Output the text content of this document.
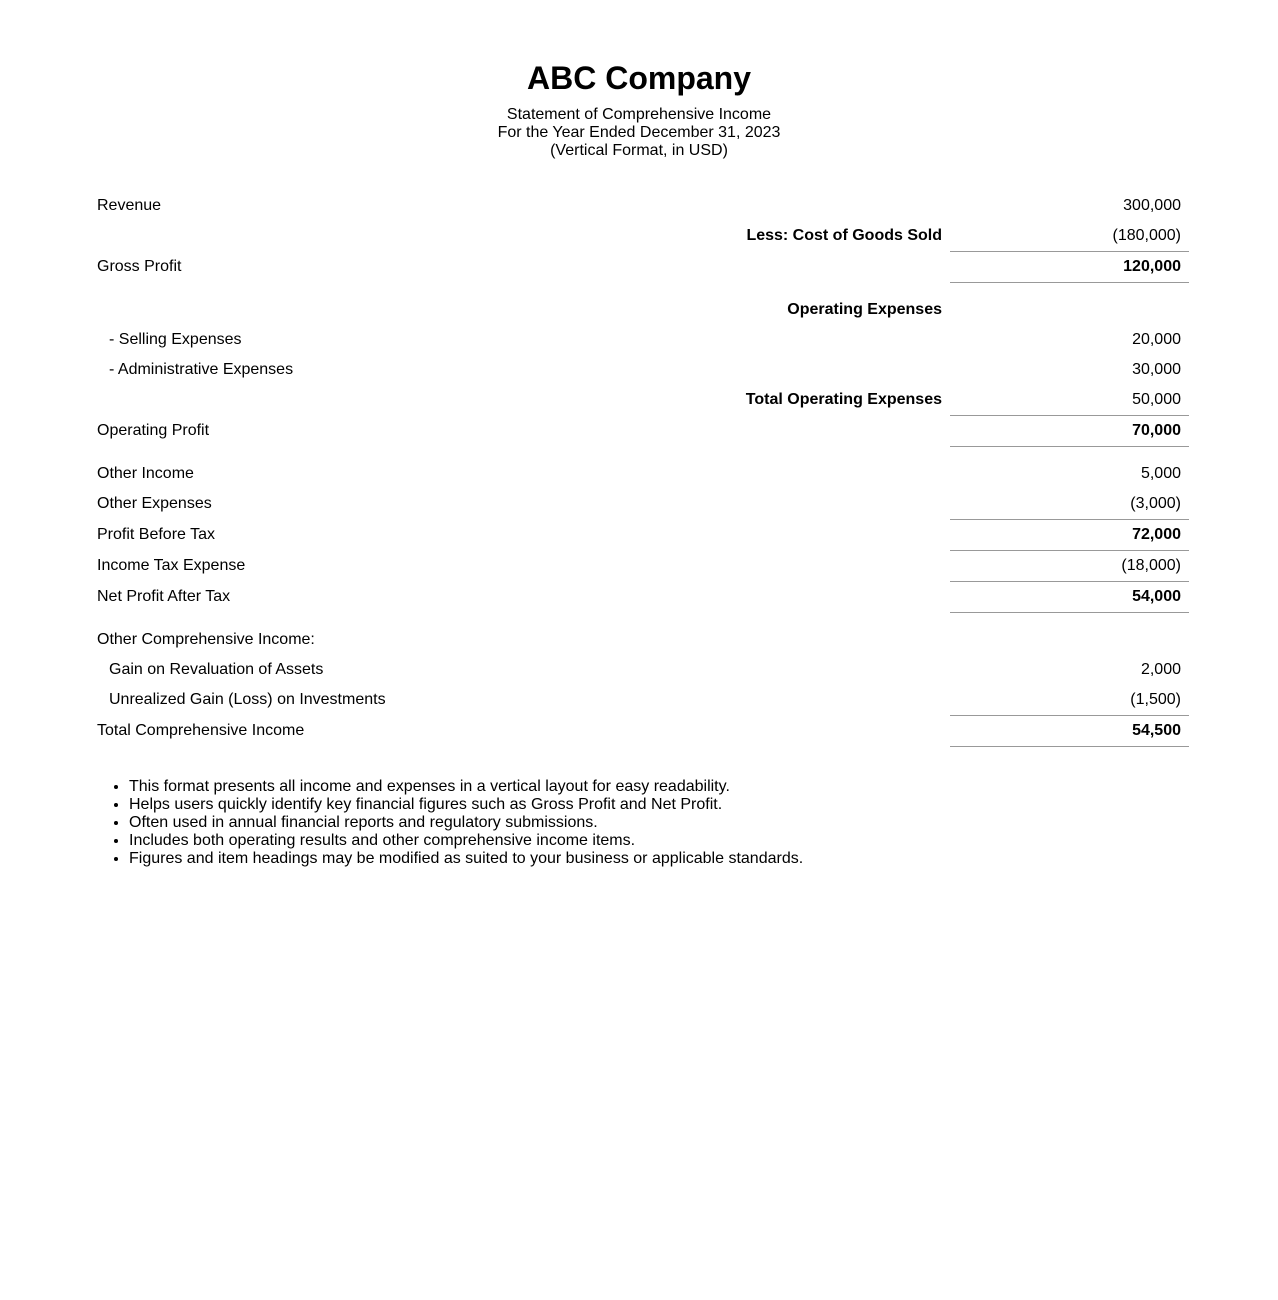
ABC Company

Statement of Comprehensive Income

For the Year Ended December 31, 2023

(Vertical Format, in USD)

Revenue		300,000
	Less: Cost of Goods Sold	(180,000)
Gross Profit		120,000

	Operating Expenses	
- Selling Expenses		20,000
- Administrative Expenses		30,000
	Total Operating Expenses	50,000
Operating Profit		70,000

Other Income		5,000
Other Expenses		(3,000)
Profit Before Tax		72,000
Income Tax Expense		(18,000)
Net Profit After Tax		54,000

Other Comprehensive Income:		
Gain on Revaluation of Assets		2,000
Unrealized Gain (Loss) on Investments		(1,500)
Total Comprehensive Income		54,500
• This format presents all income and expenses in a vertical layout for easy readability.
• Helps users quickly identify key financial figures such as Gross Profit and Net Profit.
• Often used in annual financial reports and regulatory submissions.
• Includes both operating results and other comprehensive income items.
• Figures and item headings may be modified as suited to your business or applicable standards.
